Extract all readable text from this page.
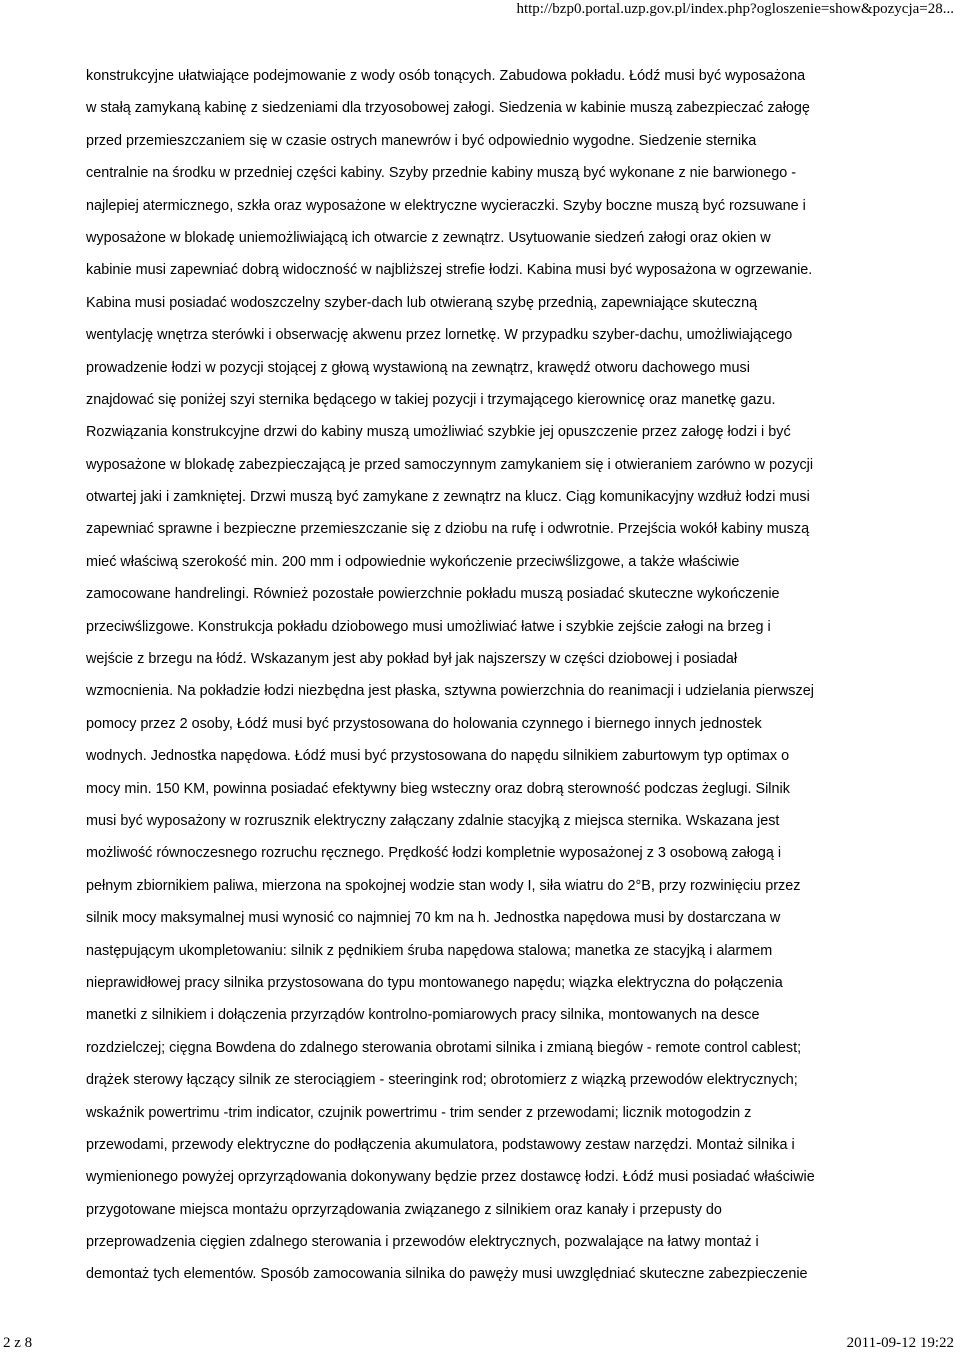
http://bzp0.portal.uzp.gov.pl/index.php?ogloszenie=show&pozycja=28...
konstrukcyjne ułatwiające podejmowanie z wody osób tonących. Zabudowa pokładu. Łódź musi być wyposażona
w stałą zamykaną kabinę z siedzeniami dla trzyosobowej załogi. Siedzenia w kabinie muszą zabezpieczać załogę
przed przemieszczaniem się w czasie ostrych manewrów i być odpowiednio wygodne. Siedzenie sternika
centralnie na środku w przedniej części kabiny. Szyby przednie kabiny muszą być wykonane z nie barwionego -
najlepiej atermicznego, szkła oraz wyposażone w elektryczne wycieraczki. Szyby boczne muszą być rozsuwane i
wyposażone w blokadę uniemożliwiającą ich otwarcie z zewnątrz. Usytuowanie siedzeń załogi oraz okien w
kabinie musi zapewniać dobrą widoczność w najbliższej strefie łodzi. Kabina musi być wyposażona w ogrzewanie.
Kabina musi posiadać wodoszczelny szyber-dach lub otwieraną szybę przednią, zapewniające skuteczną
wentylację wnętrza sterówki i obserwację akwenu przez lornetkę. W przypadku szyber-dachu, umożliwiającego
prowadzenie łodzi w pozycji stojącej z głową wystawioną na zewnątrz, krawędź otworu dachowego musi
znajdować się poniżej szyi sternika będącego w takiej pozycji i trzymającego kierownicę oraz manetkę gazu.
Rozwiązania konstrukcyjne drzwi do kabiny muszą umożliwiać szybkie jej opuszczenie przez załogę łodzi i być
wyposażone w blokadę zabezpieczającą je przed samoczynnym zamykaniem się i otwieraniem zarówno w pozycji
otwartej jaki i zamkniętej. Drzwi muszą być zamykane z zewnątrz na klucz. Ciąg komunikacyjny wzdłuż łodzi musi
zapewniać sprawne i bezpieczne przemieszczanie się z dziobu na rufę i odwrotnie. Przejścia wokół kabiny muszą
mieć właściwą szerokość min. 200 mm i odpowiednie wykończenie przeciwślizgowe, a także właściwie
zamocowane handrelingi. Również pozostałe powierzchnie pokładu muszą posiadać skuteczne wykończenie
przeciwślizgowe. Konstrukcja pokładu dziobowego musi umożliwiać łatwe i szybkie zejście załogi na brzeg i
wejście z brzegu na łódź. Wskazanym jest aby pokład był jak najszerszy w części dziobowej i posiadał
wzmocnienia. Na pokładzie łodzi niezbędna jest płaska, sztywna powierzchnia do reanimacji i udzielania pierwszej
pomocy przez 2 osoby, Łódź musi być przystosowana do holowania czynnego i biernego innych jednostek
wodnych. Jednostka napędowa. Łódź musi być przystosowana do napędu silnikiem zaburtowym typ optimax o
mocy min. 150 KM, powinna posiadać efektywny bieg wsteczny oraz dobrą sterowność podczas żeglugi. Silnik
musi być wyposażony w rozrusznik elektryczny załączany zdalnie stacyjką z miejsca sternika. Wskazana jest
możliwość równoczesnego rozruchu ręcznego. Prędkość łodzi kompletnie wyposażonej z 3 osobową załogą i
pełnym zbiornikiem paliwa, mierzona na spokojnej wodzie stan wody I, siła wiatru do 2°B, przy rozwinięciu przez
silnik mocy maksymalnej musi wynosić co najmniej 70 km na h. Jednostka napędowa musi by dostarczana w
następującym ukompletowaniu: silnik z pędnikiem śruba napędowa stalowa; manetka ze stacyjką i alarmem
nieprawidłowej pracy silnika przystosowana do typu montowanego napędu; wiązka elektryczna do połączenia
manetki z silnikiem i dołączenia przyrządów kontrolno-pomiarowych pracy silnika, montowanych na desce
rozdzielczej; cięgna Bowdena do zdalnego sterowania obrotami silnika i zmianą biegów - remote control cablest;
drążek sterowy łączący silnik ze sterociągiem - steeringink rod; obrotomierz z wiązką przewodów elektrycznych;
wskaźnik powertrimu -trim indicator, czujnik powertrimu - trim sender z przewodami; licznik motogodzin z
przewodami, przewody elektryczne do podłączenia akumulatora, podstawowy zestaw narzędzi. Montaż silnika i
wymienionego powyżej oprzyrządowania dokonywany będzie przez dostawcę łodzi. Łódź musi posiadać właściwie
przygotowane miejsca montażu oprzyrządowania związanego z silnikiem oraz kanały i przepusty do
przeprowadzenia cięgien zdalnego sterowania i przewodów elektrycznych, pozwalające na łatwy montaż i
demontaż tych elementów. Sposób zamocowania silnika do pawęży musi uwzględniać skuteczne zabezpieczenie
2 z 8	2011-09-12 19:22
